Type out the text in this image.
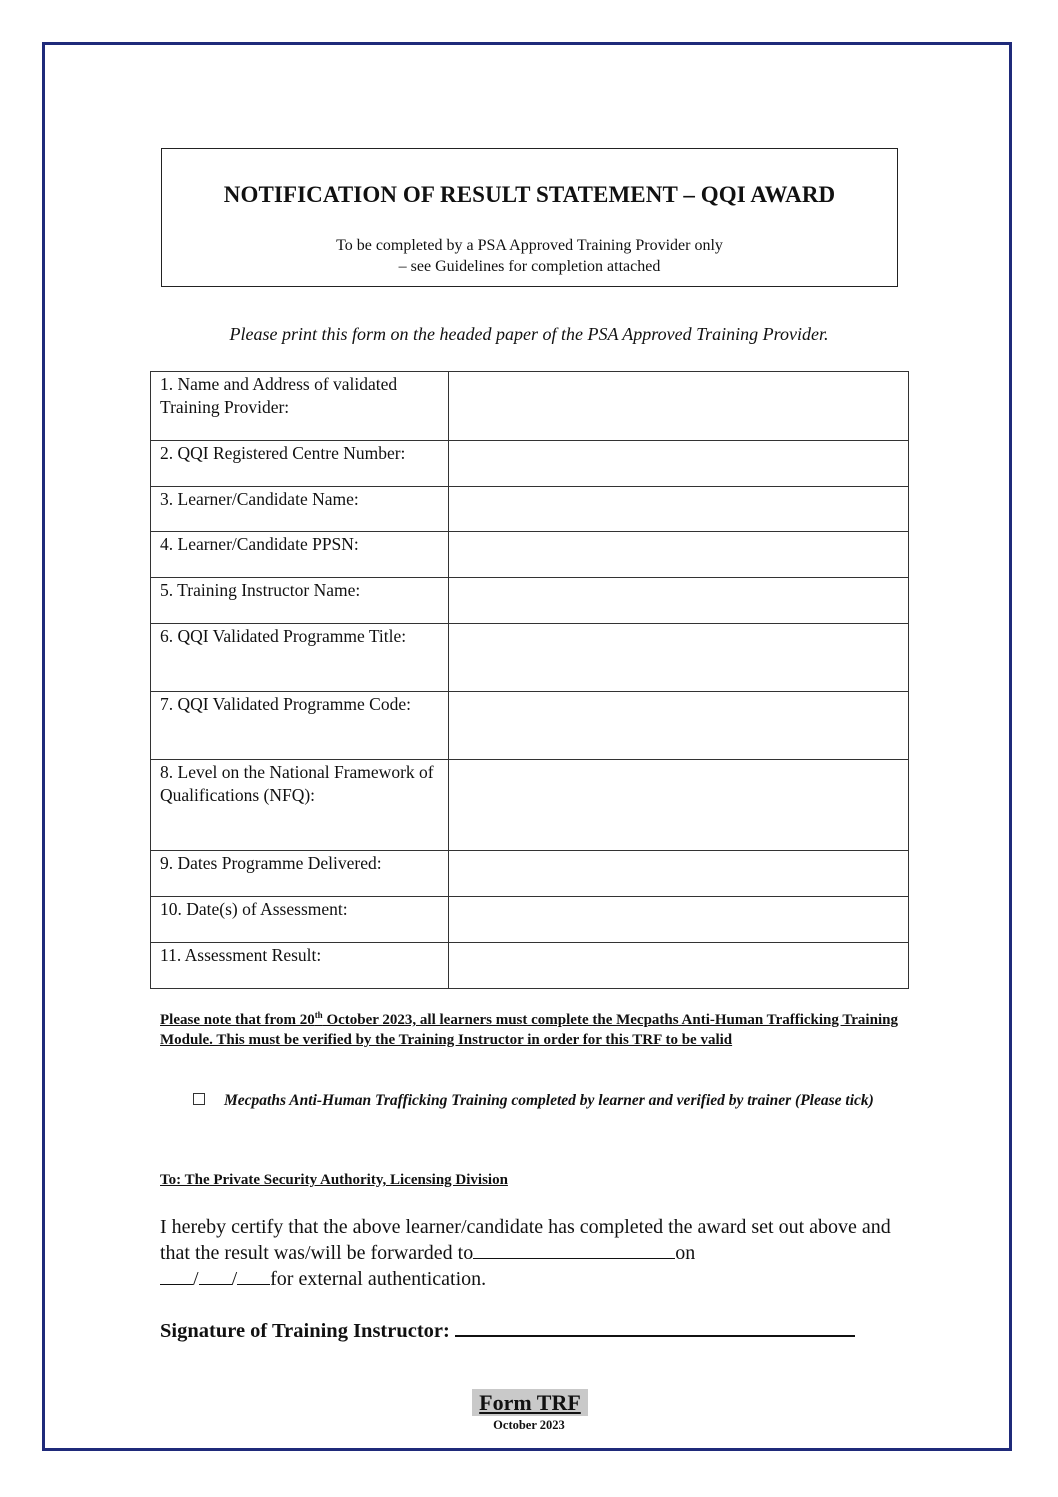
NOTIFICATION OF RESULT STATEMENT – QQI AWARD
To be completed by a PSA Approved Training Provider only
– see Guidelines for completion attached
Please print this form on the headed paper of the PSA Approved Training Provider.
1. Name and Address of validated Training Provider:	
2. QQI Registered Centre Number:	
3. Learner/Candidate Name:	
4. Learner/Candidate PPSN:	
5. Training Instructor Name:	
6. QQI Validated Programme Title:	
7. QQI Validated Programme Code:	
8. Level on the National Framework of Qualifications (NFQ):	
9. Dates Programme Delivered:	
10. Date(s) of Assessment:	
11. Assessment Result:	
Please note that from 20th October 2023, all learners must complete the Mecpaths Anti-Human Trafficking Training Module. This must be verified by the Training Instructor in order for this TRF to be valid
Mecpaths Anti-Human Trafficking Training completed by learner and verified by trainer (Please tick)
To: The Private Security Authority, Licensing Division
I hereby certify that the above learner/candidate has completed the award set out above and that the result was/will be forwarded to	on
/ / for external authentication.
Signature of Training Instructor:
Form TRF
October 2023
